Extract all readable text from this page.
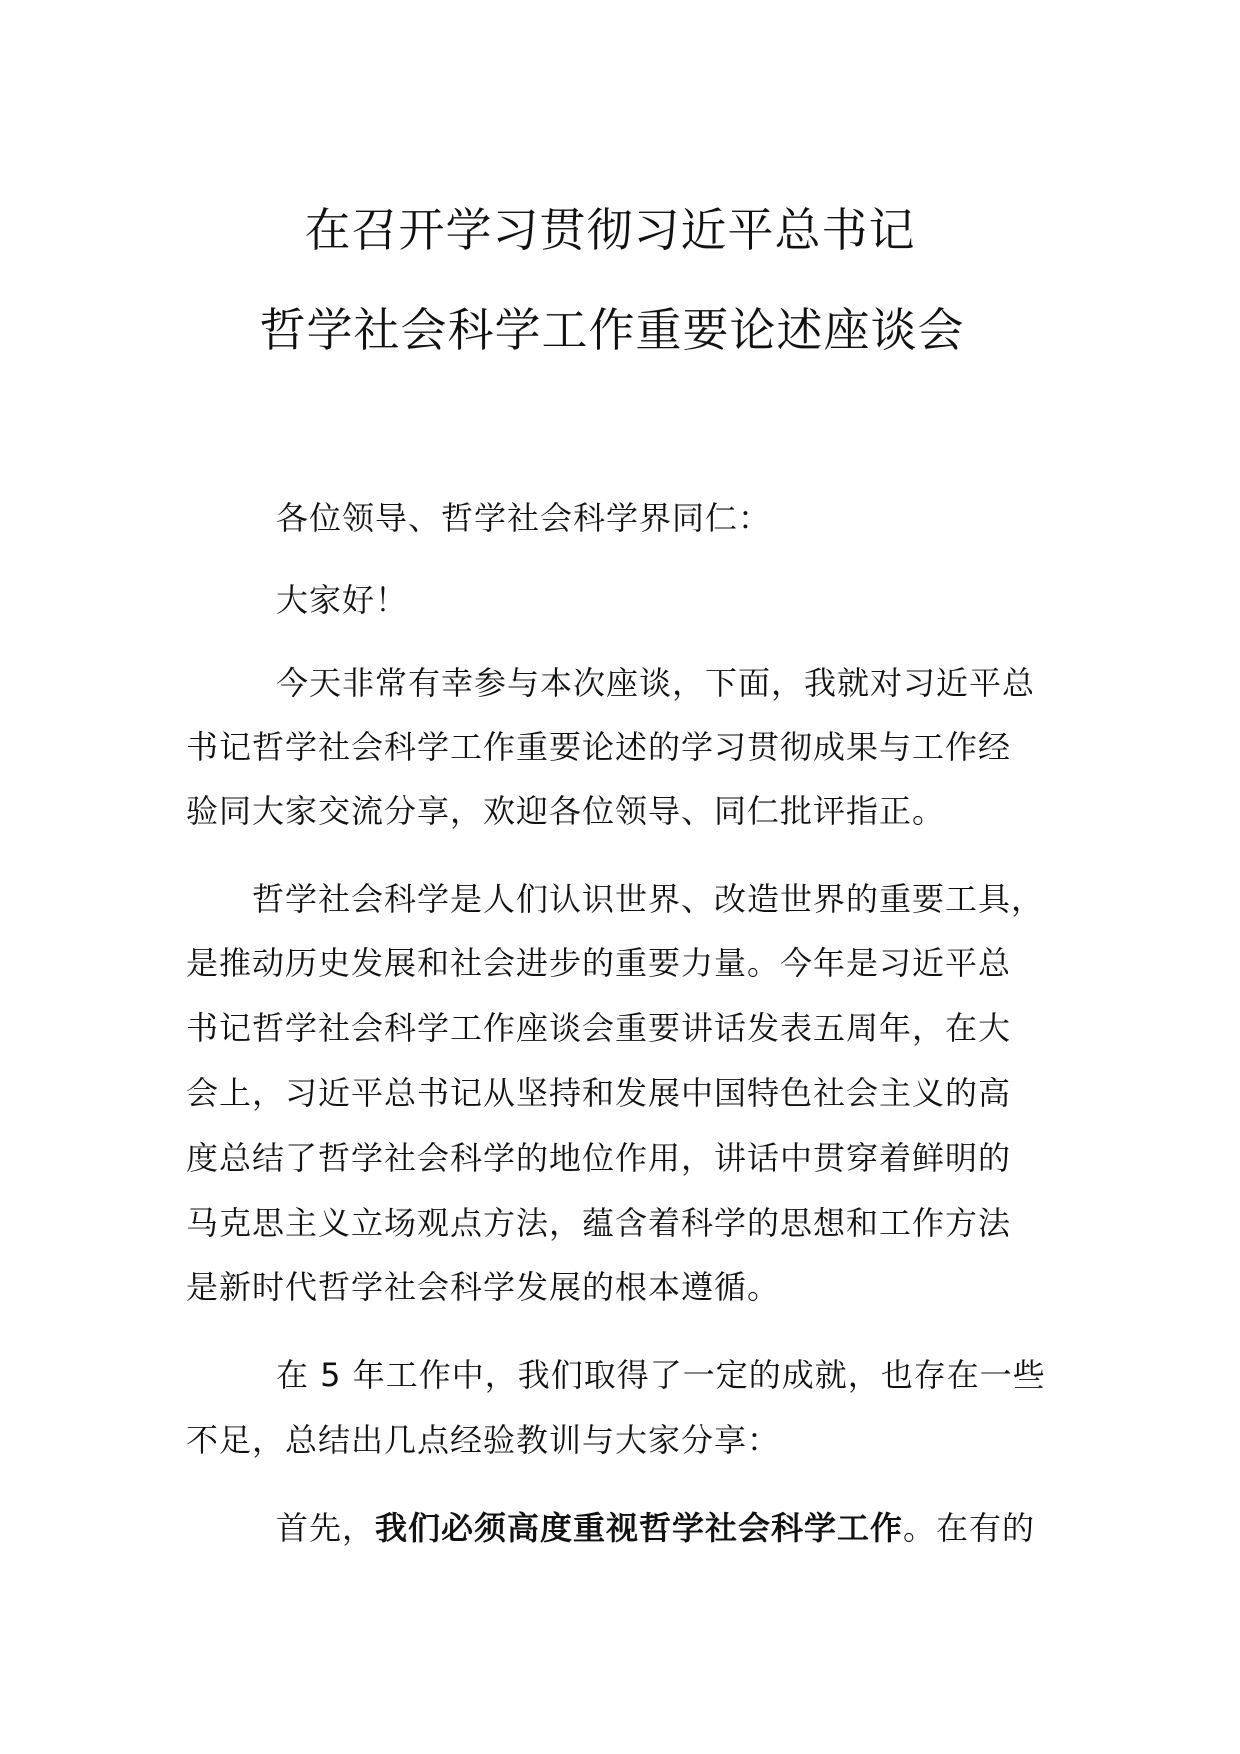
在召开学习贯彻习近平总书记
哲学社会科学工作重要论述座谈会
各位领导、哲学社会科学界同仁：
大家好！
今天非常有幸参与本次座谈，下面，我就对习近平总
书记哲学社会科学工作重要论述的学习贯彻成果与工作经
验同大家交流分享，欢迎各位领导、同仁批评指正。
哲学社会科学是人们认识世界、改造世界的重要工具，
是推动历史发展和社会进步的重要力量。今年是习近平总
书记哲学社会科学工作座谈会重要讲话发表五周年，在大
会上，习近平总书记从坚持和发展中国特色社会主义的高
度总结了哲学社会科学的地位作用，讲话中贯穿着鲜明的
马克思主义立场观点方法，蕴含着科学的思想和工作方法
是新时代哲学社会科学发展的根本遵循。
在 5 年工作中，我们取得了一定的成就，也存在一些
不足，总结出几点经验教训与大家分享：
首先，我们必须高度重视哲学社会科学工作。在有的
